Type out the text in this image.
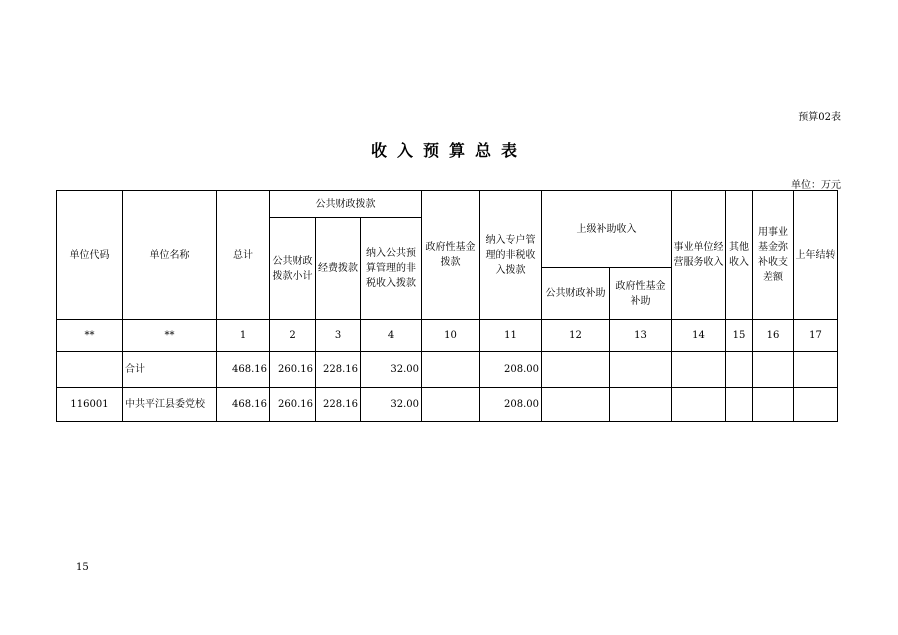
预算02表
收入预算总表
单位：万元
单位代码	单位名称	总计	公共财政拨款			政府性基金拨款	纳入专户管理的非税收入拨款	上级补助收入		事业单位经营服务收入	其他收入	用事业基金弥补收支差额	上年结转
			公共财政拨款小计	经费拨款	纳入公共预算管理的非税收入拨款								
								公共财政补助	政府性基金补助				
**	**	1	2	3	4	10	11	12	13	14	15	16	17
	合计	468.16	260.16	228.16	32.00		208.00						
116001	中共平江县委党校	468.16	260.16	228.16	32.00		208.00						
15
